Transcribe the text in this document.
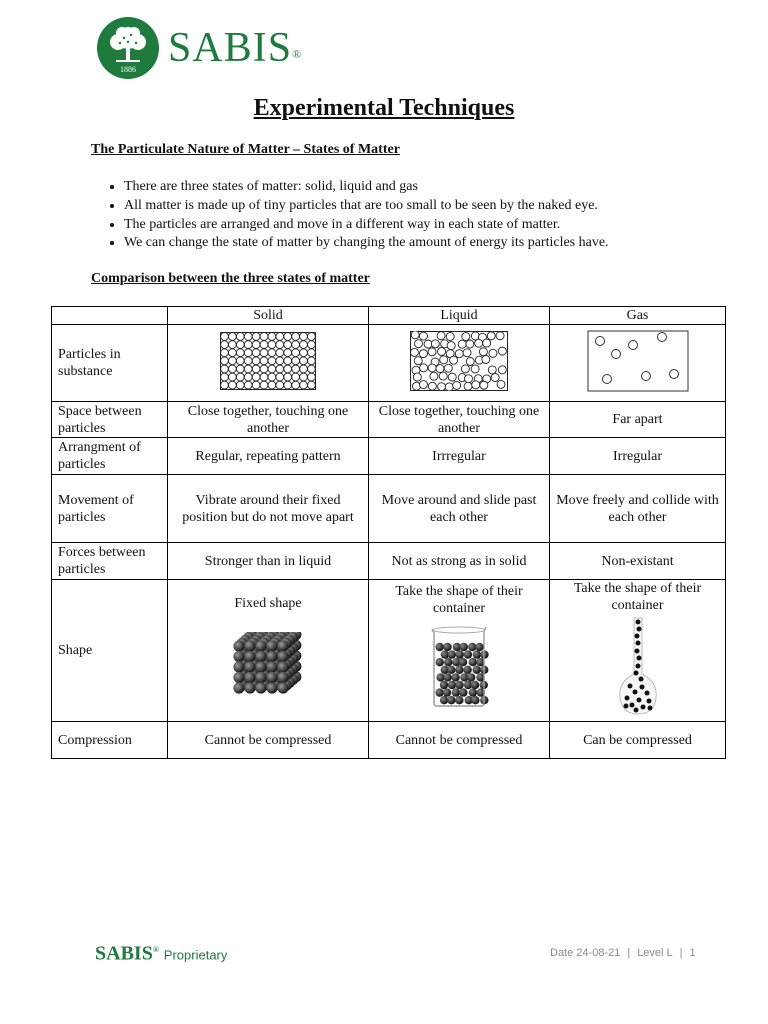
1886 SABIS®
Experimental Techniques
The Particulate Nature of Matter – States of Matter
• There are three states of matter: solid, liquid and gas
• All matter is made up of tiny particles that are too small to be seen by the naked eye.
• The particles are arranged and move in a different way in each state of matter.
• We can change the state of matter by changing the amount of energy its particles have.
Comparison between the three states of matter
	Solid	Liquid	Gas
Particles in substance			
Space between particles	Close together, touching one another	Close together, touching one another	Far apart
Arrangment of particles	Regular, repeating pattern	Irrregular	Irregular
Movement of particles	Vibrate around their fixed position but do not move apart	Move around and slide past each other	Move freely and collide with each other
Forces between particles	Stronger than in liquid	Not as strong as in solid	Non-existant
Shape	Fixed shape	Take the shape of their container	Take the shape of their container

Compression	Cannot be compressed	Cannot be compressed	Can be compressed
SABIS® Proprietary	Date 24-08-21 | Level L | 1
